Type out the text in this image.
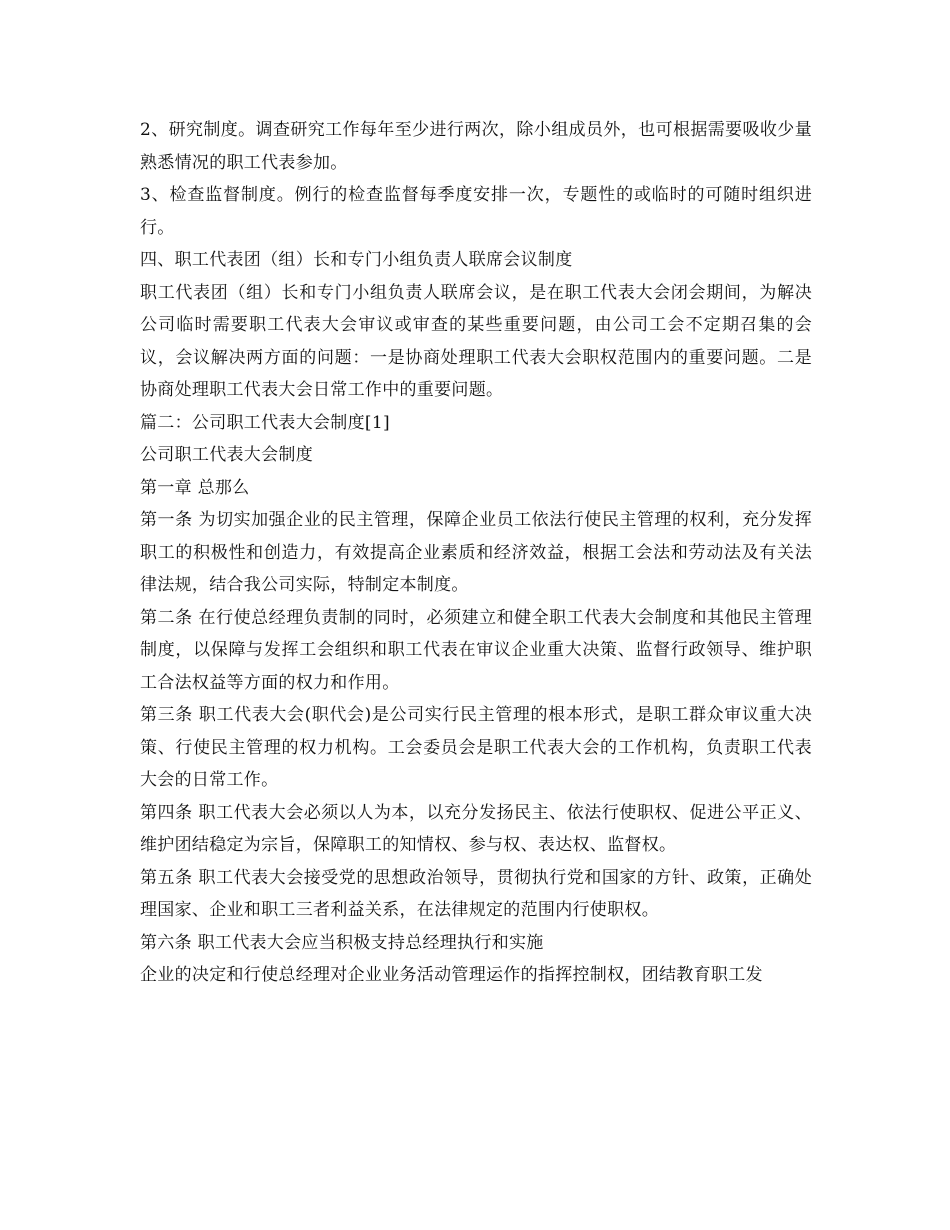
2、研究制度。调查研究工作每年至少进行两次，除小组成员外，也可根据需要吸收少量熟悉情况的职工代表参加。

3、检查监督制度。例行的检查监督每季度安排一次，专题性的或临时的可随时组织进行。

四、职工代表团（组）长和专门小组负责人联席会议制度

职工代表团（组）长和专门小组负责人联席会议，是在职工代表大会闭会期间，为解决公司临时需要职工代表大会审议或审查的某些重要问题，由公司工会不定期召集的会议，会议解决两方面的问题：一是协商处理职工代表大会职权范围内的重要问题。二是协商处理职工代表大会日常工作中的重要问题。

篇二：公司职工代表大会制度[1]

公司职工代表大会制度

第一章 总那么

第一条 为切实加强企业的民主管理，保障企业员工依法行使民主管理的权利，充分发挥职工的积极性和创造力，有效提高企业素质和经济效益，根据工会法和劳动法及有关法律法规，结合我公司实际，特制定本制度。

第二条 在行使总经理负责制的同时，必须建立和健全职工代表大会制度和其他民主管理制度，以保障与发挥工会组织和职工代表在审议企业重大决策、监督行政领导、维护职工合法权益等方面的权力和作用。

第三条 职工代表大会(职代会)是公司实行民主管理的根本形式，是职工群众审议重大决策、行使民主管理的权力机构。工会委员会是职工代表大会的工作机构，负责职工代表大会的日常工作。

第四条 职工代表大会必须以人为本，以充分发扬民主、依法行使职权、促进公平正义、维护团结稳定为宗旨，保障职工的知情权、参与权、表达权、监督权。

第五条 职工代表大会接受党的思想政治领导，贯彻执行党和国家的方针、政策，正确处理国家、企业和职工三者利益关系，在法律规定的范围内行使职权。

第六条 职工代表大会应当积极支持总经理执行和实施

企业的决定和行使总经理对企业业务活动管理运作的指挥控制权，团结教育职工发
